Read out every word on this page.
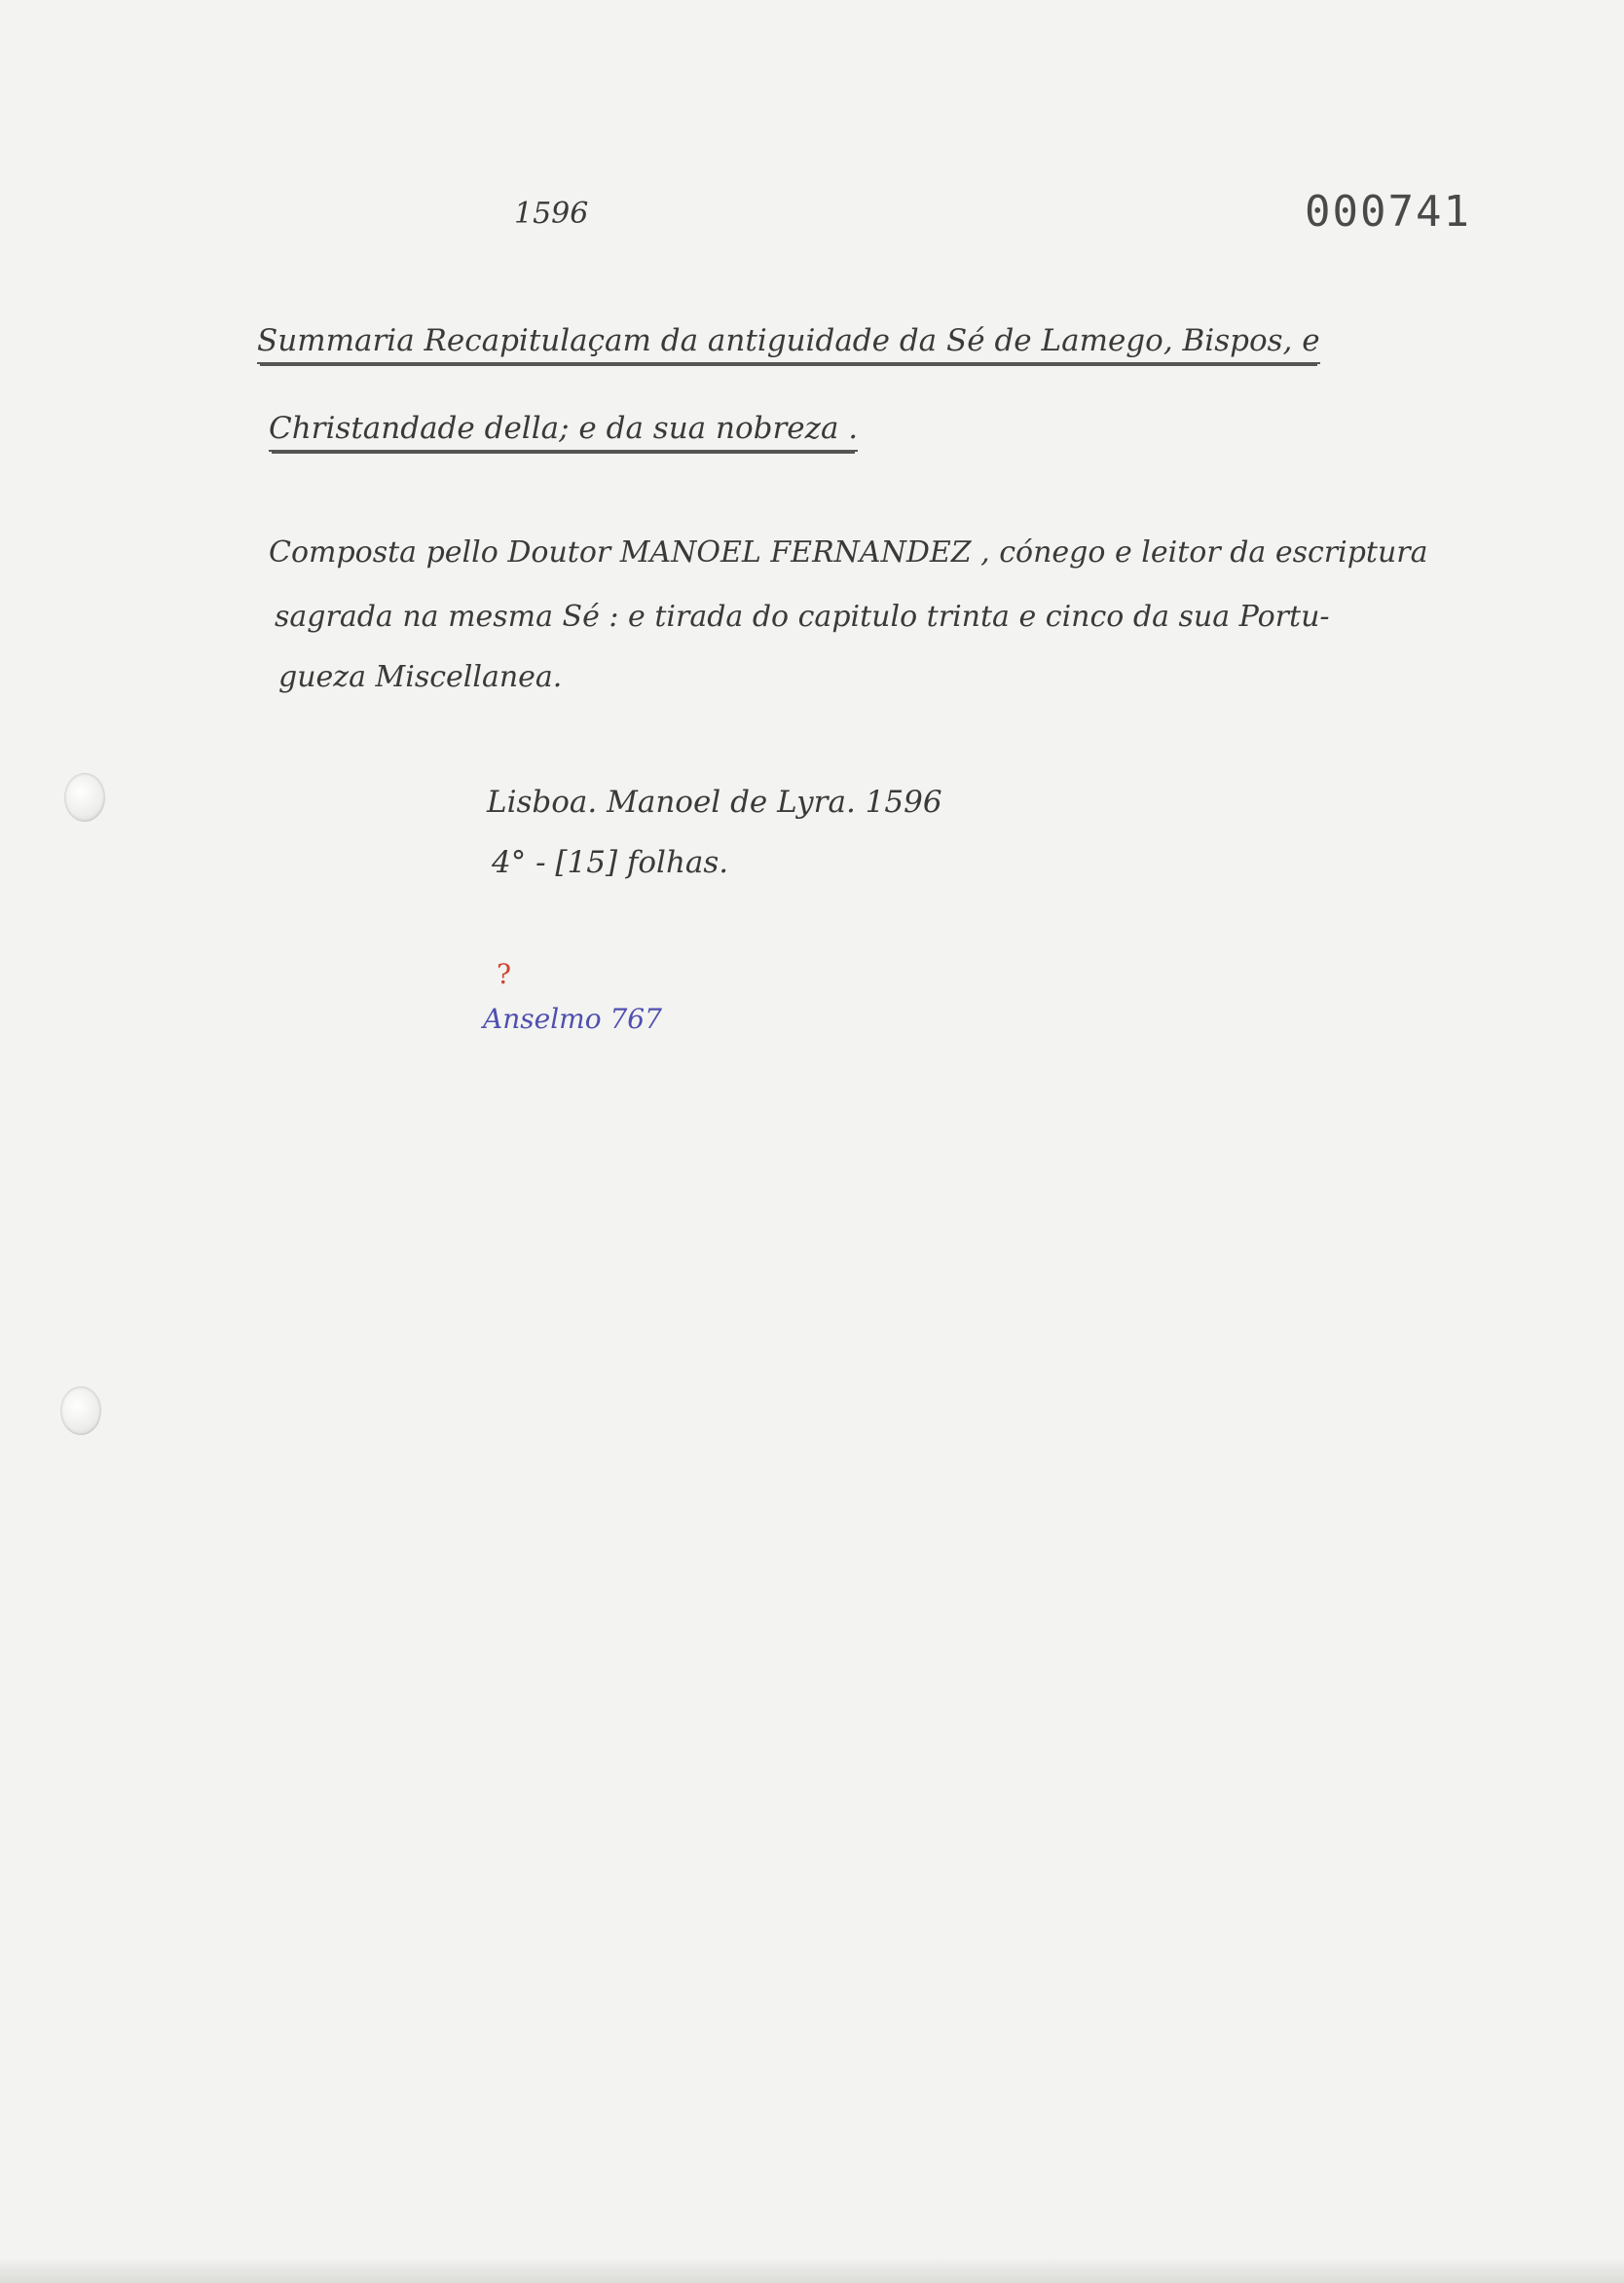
1596	000741
Summaria Recapitulaçam da antiguidade da Sé de Lamego, Bispos, e
Christandade della; e da sua nobreza .
Composta pello Doutor MANOEL FERNANDEZ , cónego e leitor da escriptura
sagrada na mesma Sé : e tirada do capitulo trinta e cinco da sua Portu-
gueza Miscellanea.
Lisboa. Manoel de Lyra. 1596
4° - [15] folhas.
?
Anselmo 767
